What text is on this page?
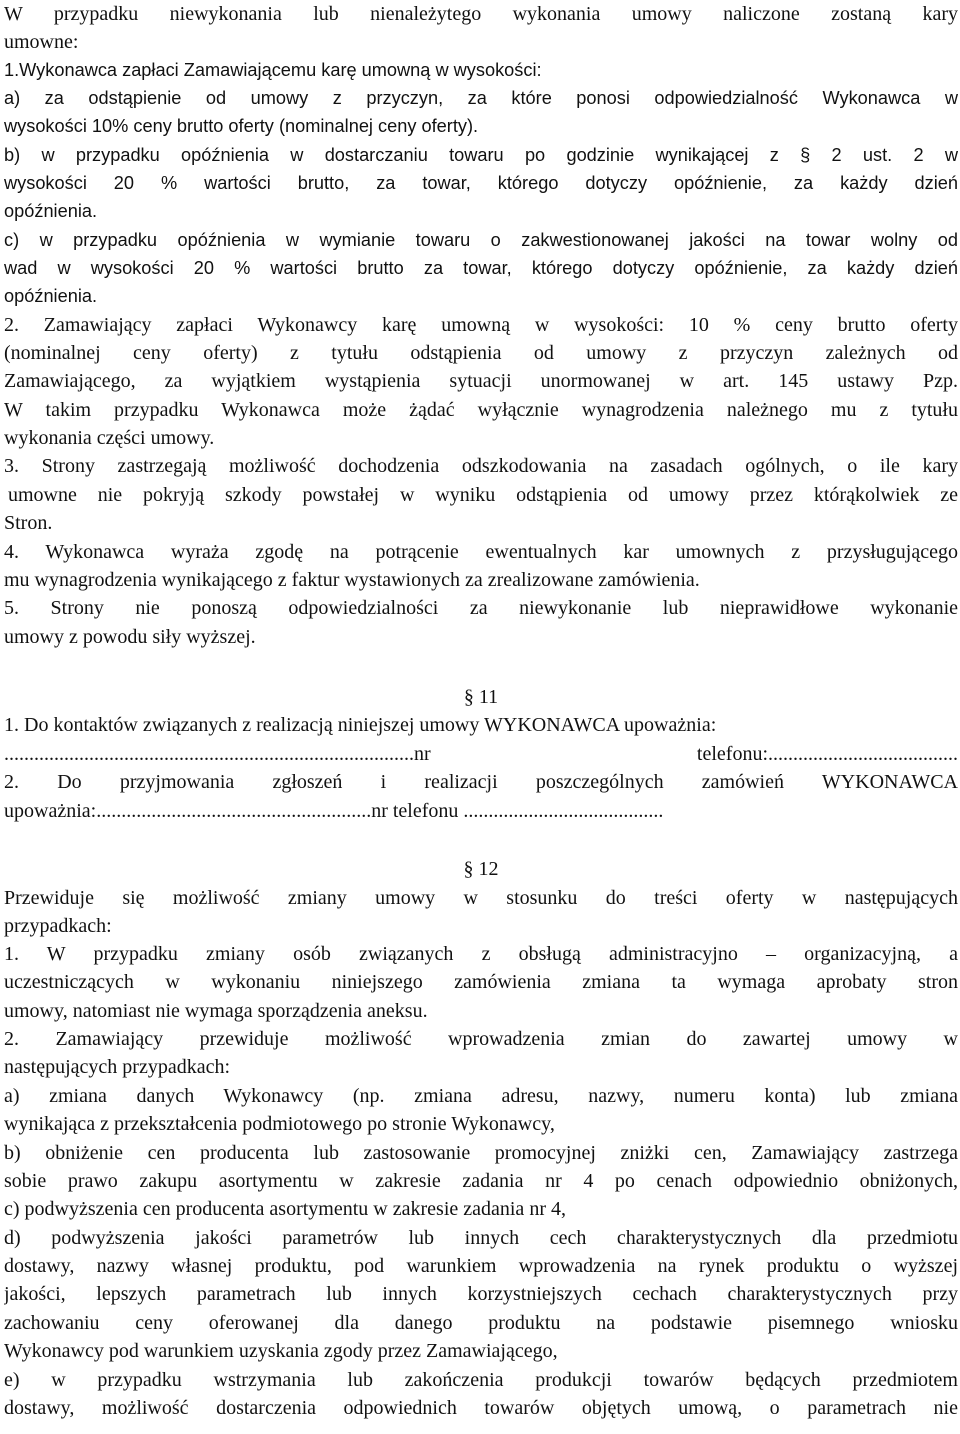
W przypadku niewykonania lub nienależytego wykonania umowy naliczone zostaną kary
umowne:
1.Wykonawca zapłaci Zamawiającemu karę umowną w wysokości:
a) za odstąpienie od umowy z przyczyn, za które ponosi odpowiedzialność Wykonawca w
wysokości 10% ceny brutto oferty (nominalnej ceny oferty).
b) w przypadku opóźnienia w dostarczaniu towaru po godzinie wynikającej z § 2 ust. 2 w
wysokości 20 % wartości brutto, za towar, którego dotyczy opóźnienie, za każdy dzień
opóźnienia.
c) w przypadku opóźnienia w wymianie towaru o zakwestionowanej jakości na towar wolny od
wad w wysokości 20 % wartości brutto za towar, którego dotyczy opóźnienie, za każdy dzień
opóźnienia.
2. Zamawiający zapłaci Wykonawcy karę umowną w wysokości: 10 % ceny brutto oferty
(nominalnej ceny oferty) z tytułu odstąpienia od umowy z przyczyn zależnych od
Zamawiającego, za wyjątkiem wystąpienia sytuacji unormowanej w art. 145 ustawy Pzp.
W takim przypadku Wykonawca może żądać wyłącznie wynagrodzenia należnego mu z tytułu
wykonania części umowy.
3. Strony zastrzegają możliwość dochodzenia odszkodowania na zasadach ogólnych, o ile kary
umowne nie pokryją szkody powstałej w wyniku odstąpienia od umowy przez którąkolwiek ze
Stron.
4. Wykonawca wyraża zgodę na potrącenie ewentualnych kar umownych z przysługującego
mu wynagrodzenia wynikającego z faktur wystawionych za zrealizowane zamówienia.
5. Strony nie ponoszą odpowiedzialności za niewykonanie lub nieprawidłowe wykonanie
umowy z powodu siły wyższej.
§ 11
1. Do kontaktów związanych z realizacją niniejszej umowy WYKONAWCA upoważnia:
..................................................................................nr telefonu:......................................
2. Do przyjmowania zgłoszeń i realizacji poszczególnych zamówień WYKONAWCA
upoważnia:.......................................................nr telefonu ........................................
§ 12
Przewiduje się możliwość zmiany umowy w stosunku do treści oferty w następujących
przypadkach:
1. W przypadku zmiany osób związanych z obsługą administracyjno – organizacyjną, a
uczestniczących w wykonaniu niniejszego zamówienia zmiana ta wymaga aprobaty stron
umowy, natomiast nie wymaga sporządzenia aneksu.
2. Zamawiający przewiduje możliwość wprowadzenia zmian do zawartej umowy w
następujących przypadkach:
a) zmiana danych Wykonawcy (np. zmiana adresu, nazwy, numeru konta) lub zmiana
wynikająca z przekształcenia podmiotowego po stronie Wykonawcy,
b) obniżenie cen producenta lub zastosowanie promocyjnej zniżki cen, Zamawiający zastrzega
sobie prawo zakupu asortymentu w zakresie zadania nr 4 po cenach odpowiednio obniżonych,
c) podwyższenia cen producenta asortymentu w zakresie zadania nr 4,
d) podwyższenia jakości parametrów lub innych cech charakterystycznych dla przedmiotu
dostawy, nazwy własnej produktu, pod warunkiem wprowadzenia na rynek produktu o wyższej
jakości, lepszych parametrach lub innych korzystniejszych cechach charakterystycznych przy
zachowaniu ceny oferowanej dla danego produktu na podstawie pisemnego wniosku
Wykonawcy pod warunkiem uzyskania zgody przez Zamawiającego,
e) w przypadku wstrzymania lub zakończenia produkcji towarów będących przedmiotem
dostawy, możliwość dostarczenia odpowiednich towarów objętych umową, o parametrach nie
